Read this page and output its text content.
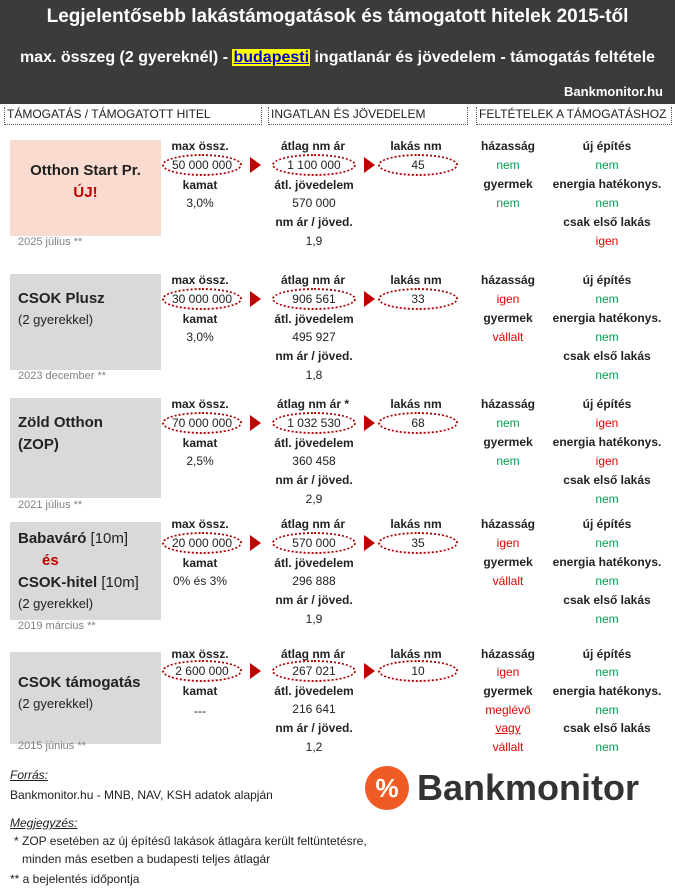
Legjelentősebb lakástámogatások és támogatott hitelek 2015-től
max. összeg (2 gyereknél) - budapesti ingatlanár és jövedelem - támogatás feltétele
Bankmonitor.hu
TÁMOGATÁS / TÁMOGATOTT HITEL	INGATLAN ÉS JÖVEDELEM	FELTÉTELEK A TÁMOGATÁSHOZ
Otthon Start Pr.
ÚJ!
2025 július **
max össz.
50 000 000
kamat
3,0%
átlag nm ár
1 100 000
lakás nm
45
átl. jövedelem
570 000
nm ár / jöved.
1,9
házasság
nem
gyermek
nem
új építés
nem
energia hatékonys.
nem
csak első lakás
igen
CSOK Plusz
(2 gyerekkel)
2023 december **
max össz.
30 000 000
kamat
3,0%
átlag nm ár
906 561
lakás nm
33
átl. jövedelem
495 927
nm ár / jöved.
1,8
házasság
igen
gyermek
vállalt
új építés
nem
energia hatékonys.
nem
csak első lakás
nem
Zöld Otthon
(ZOP)
2021 július **
max össz.
70 000 000
kamat
2,5%
átlag nm ár *
1 032 530
lakás nm
68
átl. jövedelem
360 458
nm ár / jöved.
2,9
házasság
nem
gyermek
nem
új építés
igen
energia hatékonys.
igen
csak első lakás
nem
Babaváró [10m]
és
CSOK-hitel [10m]
(2 gyerekkel)
2019 március **
max össz.
20 000 000
kamat
0% és 3%
átlag nm ár
570 000
lakás nm
35
átl. jövedelem
296 888
nm ár / jöved.
1,9
házasság
igen
gyermek
vállalt
új építés
nem
energia hatékonys.
nem
csak első lakás
nem
CSOK támogatás
(2 gyerekkel)
2015 június **
max össz.
2 600 000
kamat
---
átlag nm ár
267 021
lakás nm
10
átl. jövedelem
216 641
nm ár / jöved.
1,2
házasság
igen
gyermek
meglévő
vagy
vállalt
új építés
nem
energia hatékonys.
nem
csak első lakás
nem
Forrás:
Bankmonitor.hu - MNB, NAV, KSH adatok alapján
Megjegyzés:
* ZOP esetében az új építésű lakások átlagára került feltüntetésre,
minden más esetben a budapesti teljes átlagár
** a bejelentés időpontja
% Bankmonitor
